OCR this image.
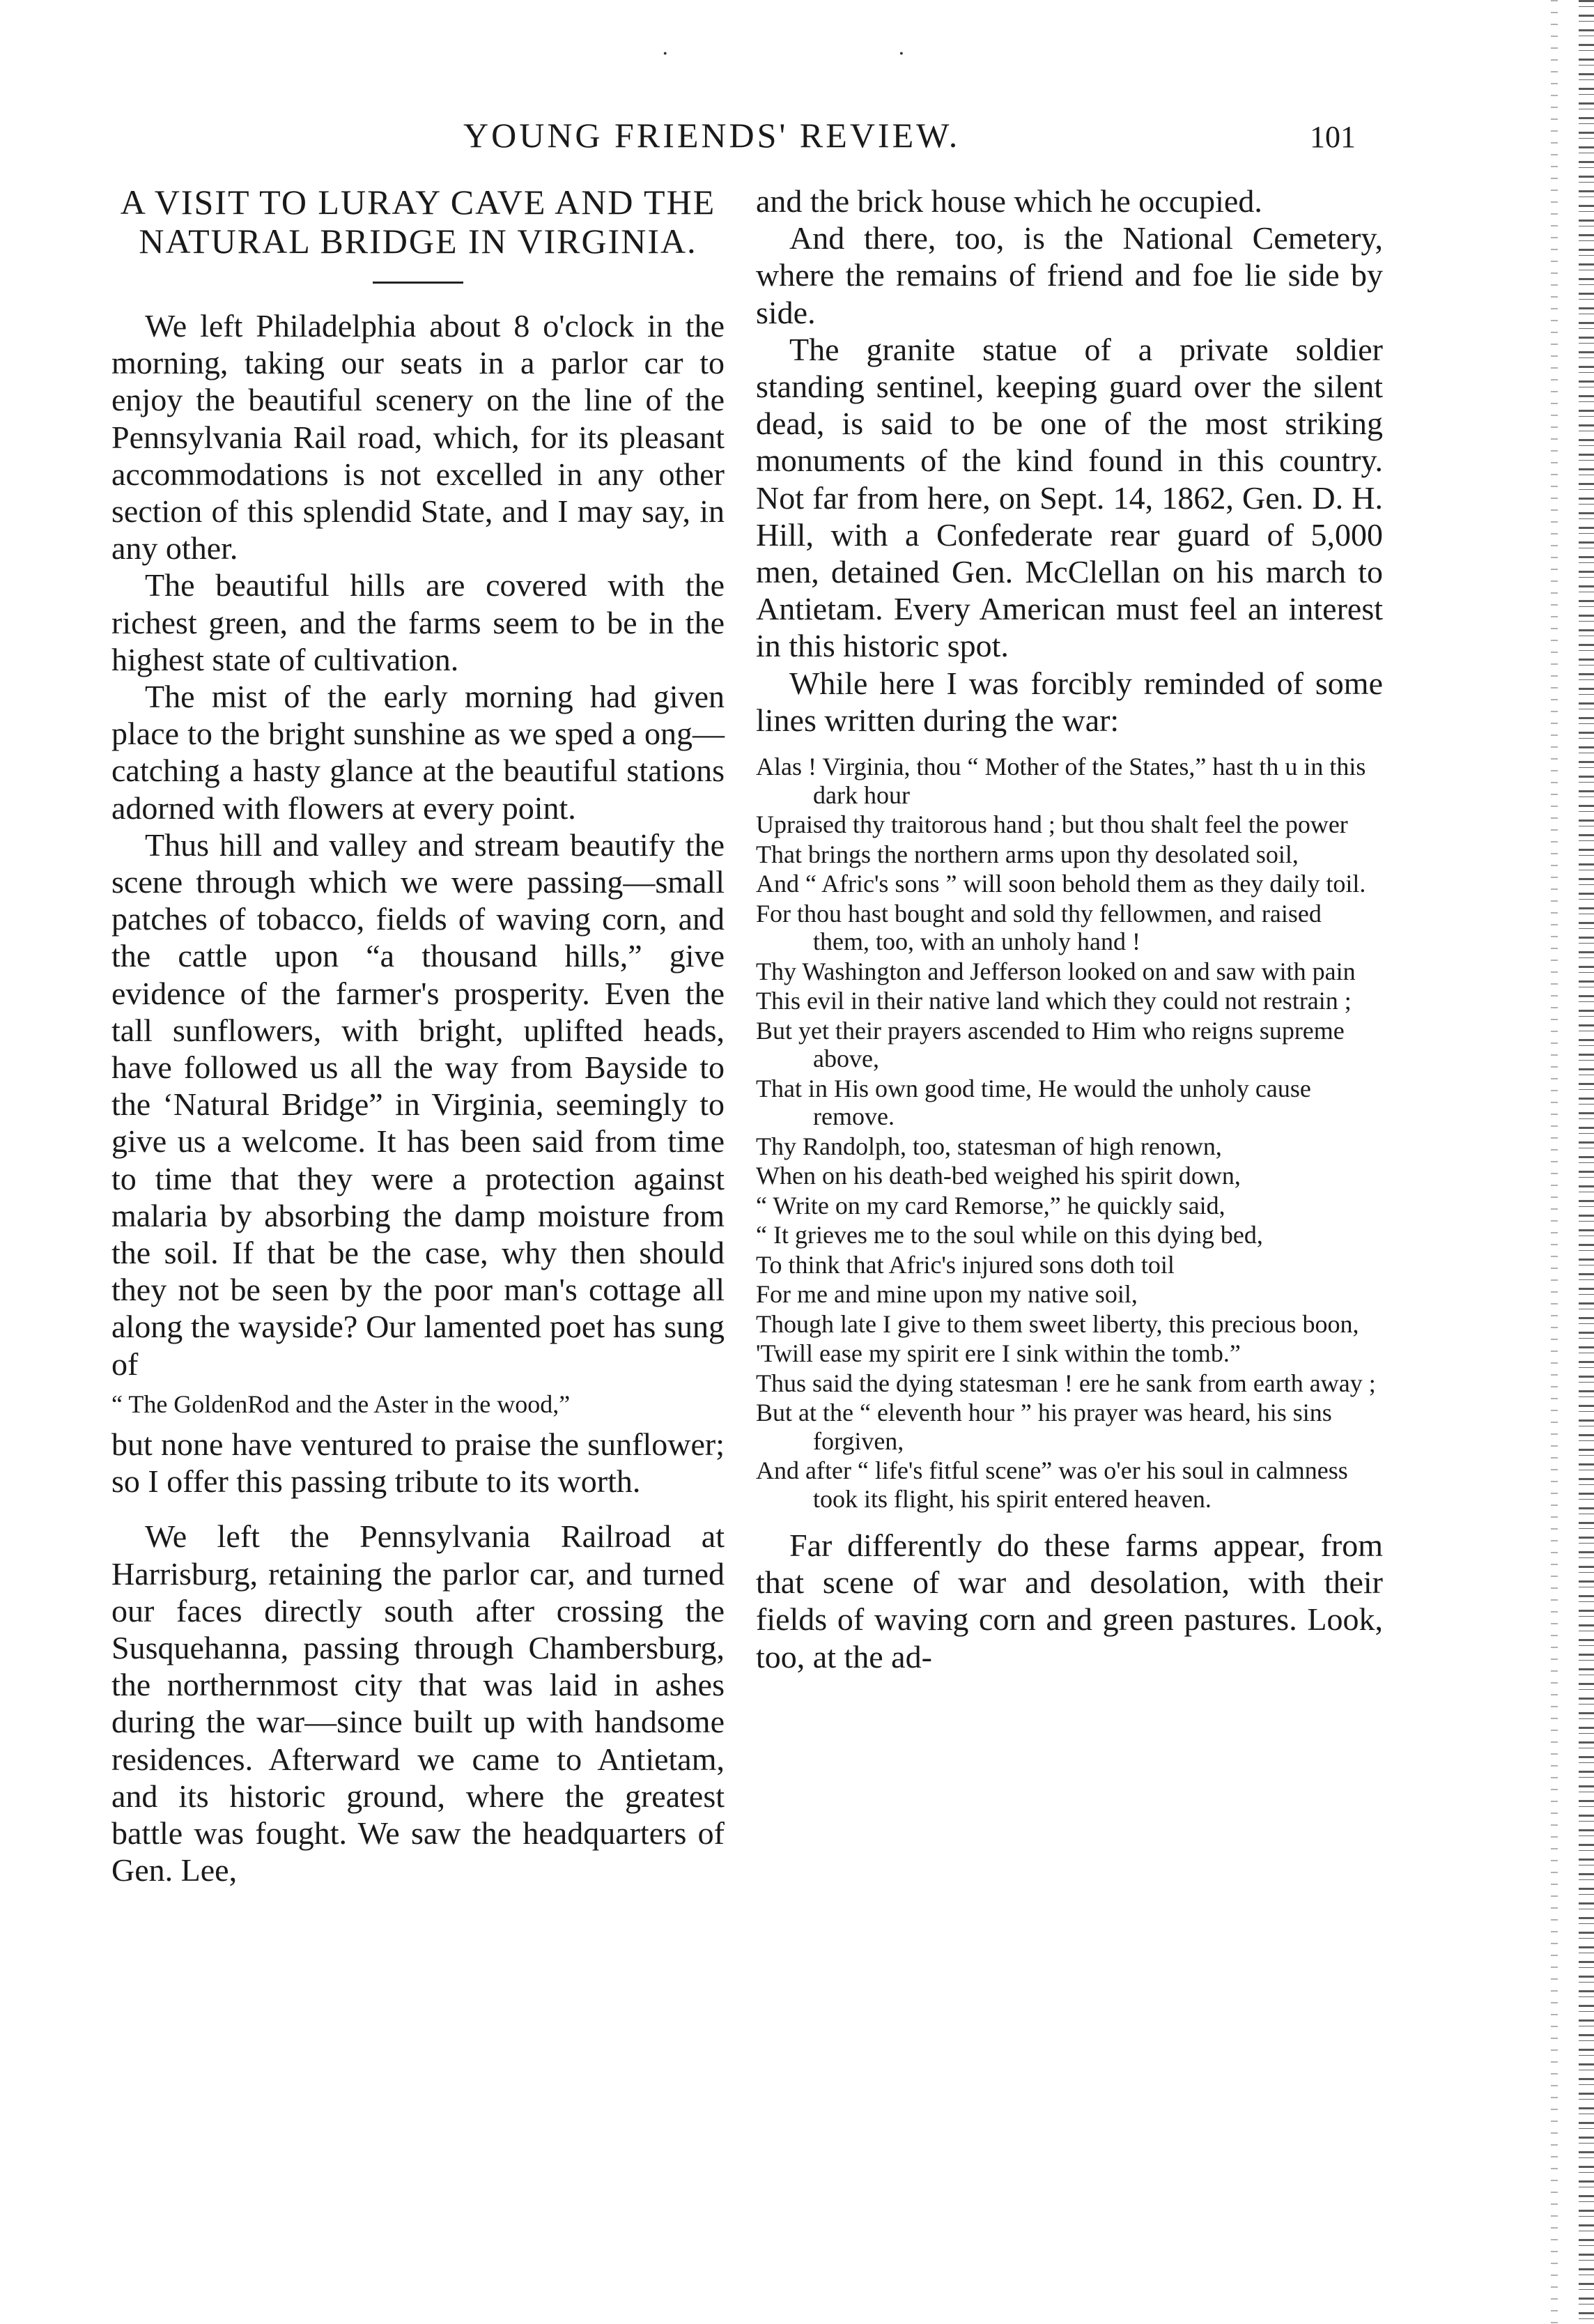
· ·
YOUNG FRIENDS' REVIEW.	101
A VISIT TO LURAY CAVE AND THE NATURAL BRIDGE IN VIRGINIA.

We left Philadelphia about 8 o'clock in the morning, taking our seats in a parlor car to enjoy the beautiful scenery on the line of the Pennsylvania Rail road, which, for its pleasant accommodations is not excelled in any other section of this splendid State, and I may say, in any other.

The beautiful hills are covered with the richest green, and the farms seem to be in the highest state of cultivation.

The mist of the early morning had given place to the bright sunshine as we sped a ong—catching a hasty glance at the beautiful stations adorned with flowers at every point.

Thus hill and valley and stream beautify the scene through which we were passing—small patches of tobacco, fields of waving corn, and the cattle upon “a thousand hills,” give evidence of the farmer's prosperity. Even the tall sunflowers, with bright, uplifted heads, have followed us all the way from Bayside to the ‘Natural Bridge” in Virginia, seemingly to give us a welcome. It has been said from time to time that they were a protection against malaria by absorbing the damp moisture from the soil. If that be the case, why then should they not be seen by the poor man's cottage all along the wayside? Our lamented poet has sung of

“ The GoldenRod and the Aster in the wood,”

but none have ventured to praise the sunflower; so I offer this passing tribute to its worth.

We left the Pennsylvania Railroad at Harrisburg, retaining the parlor car, and turned our faces directly south after crossing the Susquehanna, passing through Chambersburg, the northernmost city that was laid in ashes during the war—since built up with handsome residences. Afterward we came to Antietam, and its historic ground, where the greatest battle was fought. We saw the headquarters of Gen. Lee,

and the brick house which he occupied.

And there, too, is the National Cemetery, where the remains of friend and foe lie side by side.

The granite statue of a private soldier standing sentinel, keeping guard over the silent dead, is said to be one of the most striking monuments of the kind found in this country. Not far from here, on Sept. 14, 1862, Gen. D. H. Hill, with a Confederate rear guard of 5,000 men, detained Gen. McClellan on his march to Antietam. Every American must feel an interest in this historic spot.

While here I was forcibly reminded of some lines written during the war:

Alas ! Virginia, thou “ Mother of the States,” hast th u in this dark hour

Upraised thy traitorous hand ; but thou shalt feel the power

That brings the northern arms upon thy desolated soil,

And “ Afric's sons ” will soon behold them as they daily toil.

For thou hast bought and sold thy fellowmen, and raised them, too, with an unholy hand !

Thy Washington and Jefferson looked on and saw with pain

This evil in their native land which they could not restrain ;

But yet their prayers ascended to Him who reigns supreme above,

That in His own good time, He would the unholy cause remove.

Thy Randolph, too, statesman of high renown,

When on his death-bed weighed his spirit down,

“ Write on my card Remorse,” he quickly said,

“ It grieves me to the soul while on this dying bed,

To think that Afric's injured sons doth toil

For me and mine upon my native soil,

Though late I give to them sweet liberty, this precious boon,

'Twill ease my spirit ere I sink within the tomb.”

Thus said the dying statesman ! ere he sank from earth away ;

But at the “ eleventh hour ” his prayer was heard, his sins forgiven,

And after “ life's fitful scene” was o'er his soul in calmness took its flight, his spirit entered heaven.

Far differently do these farms appear, from that scene of war and desolation, with their fields of waving corn and green pastures. Look, too, at the ad-
